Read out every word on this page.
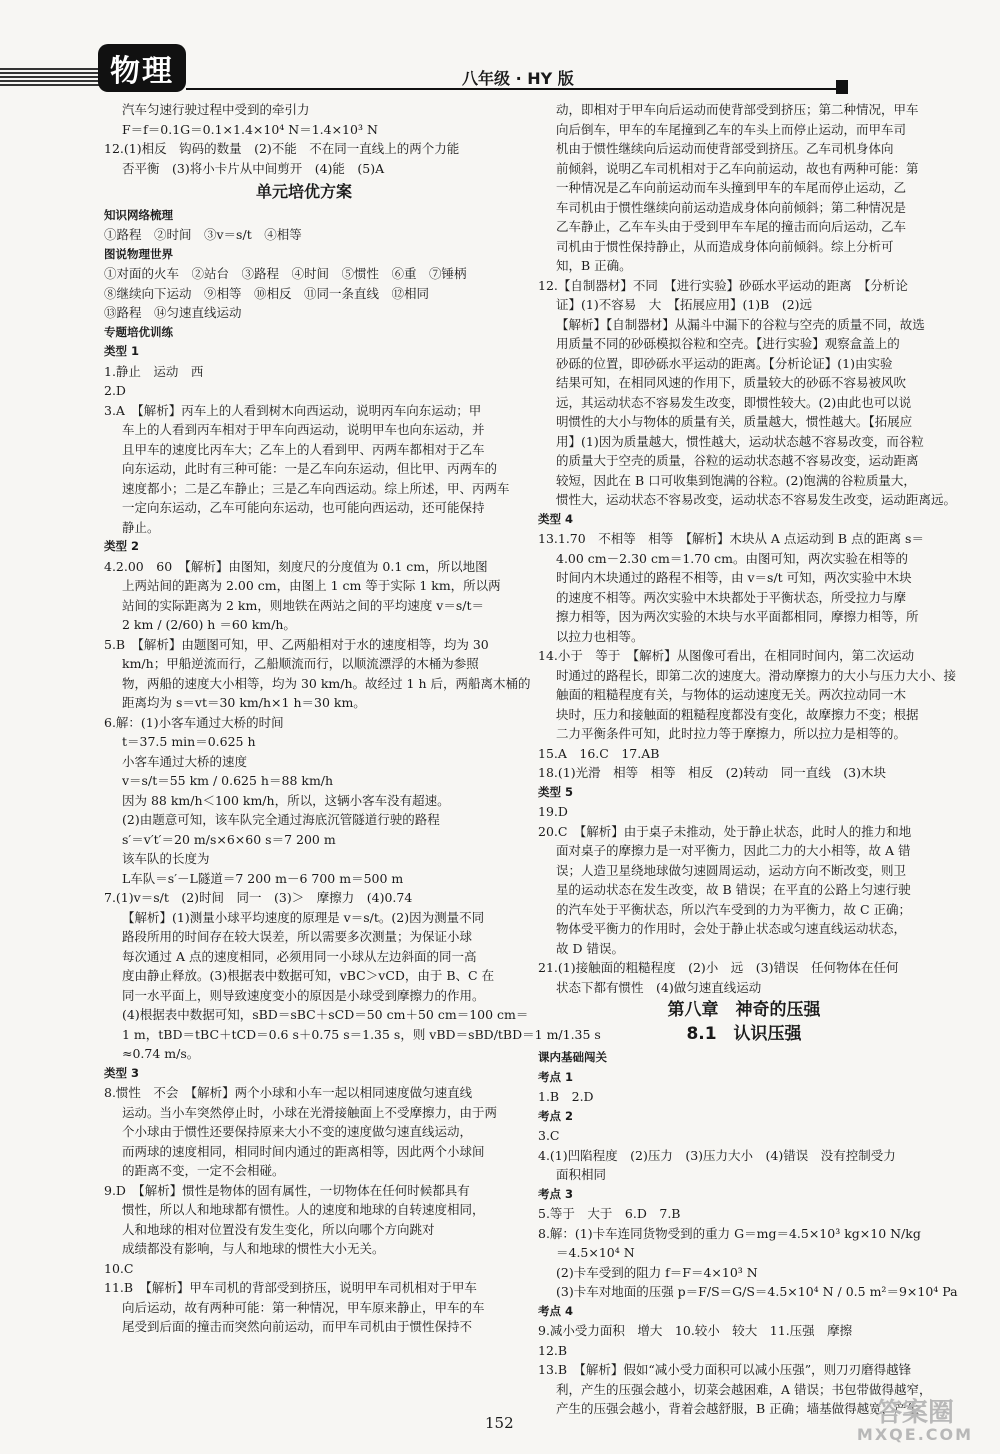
物理	八年级 · HY 版
汽车匀速行驶过程中受到的牵引力
F＝f＝0.1G＝0.1×1.4×10⁴ N＝1.4×10³ N
12.(1)相反　钩码的数量　(2)不能　不在同一直线上的两个力能
否平衡　(3)将小卡片从中间剪开　(4)能　(5)A
单元培优方案
知识网络梳理
①路程　②时间　③v＝s/t　④相等
图说物理世界
①对面的火车　②站台　③路程　④时间　⑤惯性　⑥重　⑦锤柄
⑧继续向下运动　⑨相等　⑩相反　⑪同一条直线　⑫相同
⑬路程　⑭匀速直线运动
专题培优训练
类型 1
1.静止　运动　西
2.D
3.A　【解析】丙车上的人看到树木向西运动，说明丙车向东运动；甲
车上的人看到丙车相对于甲车向西运动，说明甲车也向东运动，并
且甲车的速度比丙车大；乙车上的人看到甲、丙两车都相对于乙车
向东运动，此时有三种可能：一是乙车向东运动，但比甲、丙两车的
速度都小；二是乙车静止；三是乙车向西运动。综上所述，甲、丙两车
一定向东运动，乙车可能向东运动，也可能向西运动，还可能保持
静止。
类型 2
4.2.00　60　【解析】由图知，刻度尺的分度值为 0.1 cm，所以地图
上两站间的距离为 2.00 cm，由图上 1 cm 等于实际 1 km，所以两
站间的实际距离为 2 km，则地铁在两站之间的平均速度 v＝s/t＝
2 km / (2/60) h ＝60 km/h。
5.B　【解析】由题图可知，甲、乙两船相对于水的速度相等，均为 30
km/h；甲船逆流而行，乙船顺流而行，以顺流漂浮的木桶为参照
物，两船的速度大小相等，均为 30 km/h。故经过 1 h 后，两船离木桶的
距离均为 s＝vt＝30 km/h×1 h＝30 km。
6.解：(1)小客车通过大桥的时间
t＝37.5 min＝0.625 h
小客车通过大桥的速度
v＝s/t＝55 km / 0.625 h＝88 km/h
因为 88 km/h＜100 km/h，所以，这辆小客车没有超速。
(2)由题意可知，该车队完全通过海底沉管隧道行驶的路程
s′＝v′t′＝20 m/s×6×60 s＝7 200 m
该车队的长度为
L车队＝s′－L隧道＝7 200 m－6 700 m＝500 m
7.(1)v＝s/t　(2)时间　同一　(3)＞　摩擦力　(4)0.74
【解析】(1)测量小球平均速度的原理是 v＝s/t。(2)因为测量不同
路段所用的时间存在较大误差，所以需要多次测量；为保证小球
每次通过 A 点的速度相同，必须用同一小球从左边斜面的同一高
度由静止释放。(3)根据表中数据可知，vBC＞vCD，由于 B、C 在
同一水平面上，则导致速度变小的原因是小球受到摩擦力的作用。
(4)根据表中数据可知，sBD＝sBC＋sCD＝50 cm＋50 cm＝100 cm＝
1 m，tBD＝tBC＋tCD＝0.6 s＋0.75 s＝1.35 s，则 vBD＝sBD/tBD＝1 m/1.35 s
≈0.74 m/s。
类型 3
8.惯性　不会　【解析】两个小球和小车一起以相同速度做匀速直线
运动。当小车突然停止时，小球在光滑接触面上不受摩擦力，由于两
个小球由于惯性还要保持原来大小不变的速度做匀速直线运动，
而两球的速度相同，相同时间内通过的距离相等，因此两个小球间
的距离不变，一定不会相碰。
9.D　【解析】惯性是物体的固有属性，一切物体在任何时候都具有
惯性，所以人和地球都有惯性。人的速度和地球的自转速度相同，
人和地球的相对位置没有发生变化，所以向哪个方向跳对
成绩都没有影响，与人和地球的惯性大小无关。
10.C
11.B　【解析】甲车司机的背部受到挤压，说明甲车司机相对于甲车
向后运动，故有两种可能：第一种情况，甲车原来静止，甲车的车
尾受到后面的撞击而突然向前运动，而甲车司机由于惯性保持不
动，即相对于甲车向后运动而使背部受到挤压；第二种情况，甲车
向后倒车，甲车的车尾撞到乙车的车头上而停止运动，而甲车司
机由于惯性继续向后运动而使背部受到挤压。乙车司机身体向
前倾斜，说明乙车司机相对于乙车向前运动，故也有两种可能：第
一种情况是乙车向前运动而车头撞到甲车的车尾而停止运动，乙
车司机由于惯性继续向前运动造成身体向前倾斜；第二种情况是
乙车静止，乙车车头由于受到甲车车尾的撞击而向后运动，乙车
司机由于惯性保持静止，从而造成身体向前倾斜。综上分析可
知，B 正确。
12.【自制器材】不同　【进行实验】砂砾水平运动的距离　【分析论
证】(1)不容易　大　【拓展应用】(1)B　(2)远
【解析】【自制器材】从漏斗中漏下的谷粒与空壳的质量不同，故选
用质量不同的砂砾模拟谷粒和空壳。【进行实验】观察盒盖上的
砂砾的位置，即砂砾水平运动的距离。【分析论证】(1)由实验
结果可知，在相同风速的作用下，质量较大的砂砾不容易被风吹
远，其运动状态不容易发生改变，即惯性较大。(2)由此也可以说
明惯性的大小与物体的质量有关，质量越大，惯性越大。【拓展应
用】(1)因为质量越大，惯性越大，运动状态越不容易改变，而谷粒
的质量大于空壳的质量，谷粒的运动状态越不容易改变，运动距离
较短，因此在 B 口可收集到饱满的谷粒。(2)饱满的谷粒质量大，
惯性大，运动状态不容易改变，运动状态不容易发生改变，运动距离远。
类型 4
13.1.70　不相等　相等　【解析】木块从 A 点运动到 B 点的距离 s＝
4.00 cm－2.30 cm＝1.70 cm。由图可知，两次实验在相等的
时间内木块通过的路程不相等，由 v＝s/t 可知，两次实验中木块
的速度不相等。两次实验中木块都处于平衡状态，所受拉力与摩
擦力相等，因为两次实验的木块与水平面都相同，摩擦力相等，所
以拉力也相等。
14.小于　等于　【解析】从图像可看出，在相同时间内，第二次运动
时通过的路程长，即第二次的速度大。滑动摩擦力的大小与压力大小、接
触面的粗糙程度有关，与物体的运动速度无关。两次拉动同一木
块时，压力和接触面的粗糙程度都没有变化，故摩擦力不变；根据
二力平衡条件可知，此时拉力等于摩擦力，所以拉力是相等的。
15.A　16.C　17.AB
18.(1)光滑　相等　相等　相反　(2)转动　同一直线　(3)木块
类型 5
19.D
20.C　【解析】由于桌子未推动，处于静止状态，此时人的推力和地
面对桌子的摩擦力是一对平衡力，因此二力的大小相等，故 A 错
误；人造卫星绕地球做匀速圆周运动，运动方向不断改变，则卫
星的运动状态在发生改变，故 B 错误；在平直的公路上匀速行驶
的汽车处于平衡状态，所以汽车受到的力为平衡力，故 C 正确；
物体受平衡力的作用时，会处于静止状态或匀速直线运动状态，
故 D 错误。
21.(1)接触面的粗糙程度　(2)小　远　(3)错误　任何物体在任何
状态下都有惯性　(4)做匀速直线运动
第八章　神奇的压强
8.1　认识压强
课内基础闯关
考点 1
1.B　2.D
考点 2
3.C
4.(1)凹陷程度　(2)压力　(3)压力大小　(4)错误　没有控制受力
面积相同
考点 3
5.等于　大于　6.D　7.B
8.解：(1)卡车连同货物受到的重力 G＝mg＝4.5×10³ kg×10 N/kg
＝4.5×10⁴ N
(2)卡车受到的阻力 f＝F＝4×10³ N
(3)卡车对地面的压强 p＝F/S＝G/S＝4.5×10⁴ N / 0.5 m²＝9×10⁴ Pa
考点 4
9.减小受力面积　增大　10.较小　较大　11.压强　摩擦
12.B
13.B　【解析】假如“减小受力面积可以减小压强”，则刀刃磨得越锋
利，产生的压强会越小，切菜会越困难，A 错误；书包带做得越窄，
产生的压强会越小，背着会越舒服，B 正确；墙基做得越宽，产生
152	答案圈
MXQE.COM
